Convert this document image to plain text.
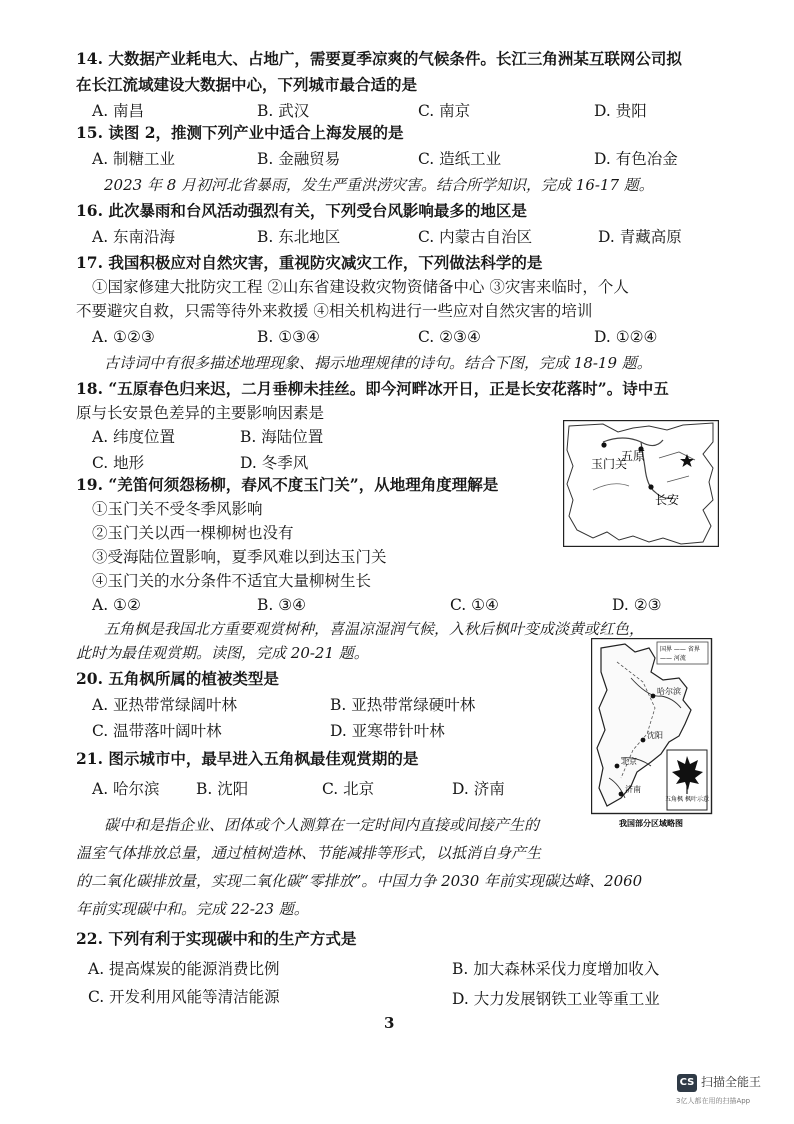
14. 大数据产业耗电大、占地广，需要夏季凉爽的气候条件。长江三角洲某互联网公司拟
在长江流域建设大数据中心，下列城市最合适的是
A. 南昌	B. 武汉	C. 南京	D. 贵阳
15. 读图 2，推测下列产业中适合上海发展的是
A. 制糖工业	B. 金融贸易	C. 造纸工业	D. 有色冶金
2023 年 8 月初河北省暴雨，发生严重洪涝灾害。结合所学知识，完成 16-17 题。
16. 此次暴雨和台风活动强烈有关，下列受台风影响最多的地区是
A. 东南沿海	B. 东北地区	C. 内蒙古自治区	D. 青藏高原
17. 我国积极应对自然灾害，重视防灾减灾工作，下列做法科学的是
①国家修建大批防灾工程 ②山东省建设救灾物资储备中心 ③灾害来临时，个人
不要避灾自救，只需等待外来救援 ④相关机构进行一些应对自然灾害的培训
A. ①②③	B. ①③④	C. ②③④	D. ①②④
古诗词中有很多描述地理现象、揭示地理规律的诗句。结合下图，完成 18-19 题。
18. “五原春色归来迟，二月垂柳未挂丝。即今河畔冰开日，正是长安花落时”。诗中五
原与长安景色差异的主要影响因素是
A. 纬度位置	B. 海陆位置
C. 地形	D. 冬季风	玉门关
五原
长安
19. “羌笛何须怨杨柳，春风不度玉门关”，从地理角度理解是
①玉门关不受冬季风影响
②玉门关以西一棵柳树也没有
③受海陆位置影响，夏季风难以到达玉门关
④玉门关的水分条件不适宜大量柳树生长
A. ①②	B. ③④	C. ①④	D. ②③
五角枫是我国北方重要观赏树种，喜温凉湿润气候，入秋后枫叶变成淡黄或红色，
此时为最佳观赏期。读图，完成 20-21 题。
20. 五角枫所属的植被类型是
A. 亚热带常绿阔叶林	B. 亚热带常绿硬叶林
C. 温带落叶阔叶林	D. 亚寒带针叶林
21. 图示城市中，最早进入五角枫最佳观赏期的是
A. 哈尔滨 B. 沈阳	C. 北京	D. 济南
国界 —— 省界
—— 河流
哈尔滨
沈阳
北京
济南
五角枫 枫叶示意
我国部分区域略图
碳中和是指企业、团体或个人测算在一定时间内直接或间接产生的
温室气体排放总量，通过植树造林、节能减排等形式，以抵消自身产生
的二氧化碳排放量，实现二氧化碳“零排放”。中国力争 2030 年前实现碳达峰、2060
年前实现碳中和。完成 22-23 题。
22. 下列有利于实现碳中和的生产方式是
A. 提高煤炭的能源消费比例	B. 加大森林采伐力度增加收入
C. 开发利用风能等清洁能源	D. 大力发展钢铁工业等重工业
3
CS 扫描全能王
3亿人都在用的扫描App
